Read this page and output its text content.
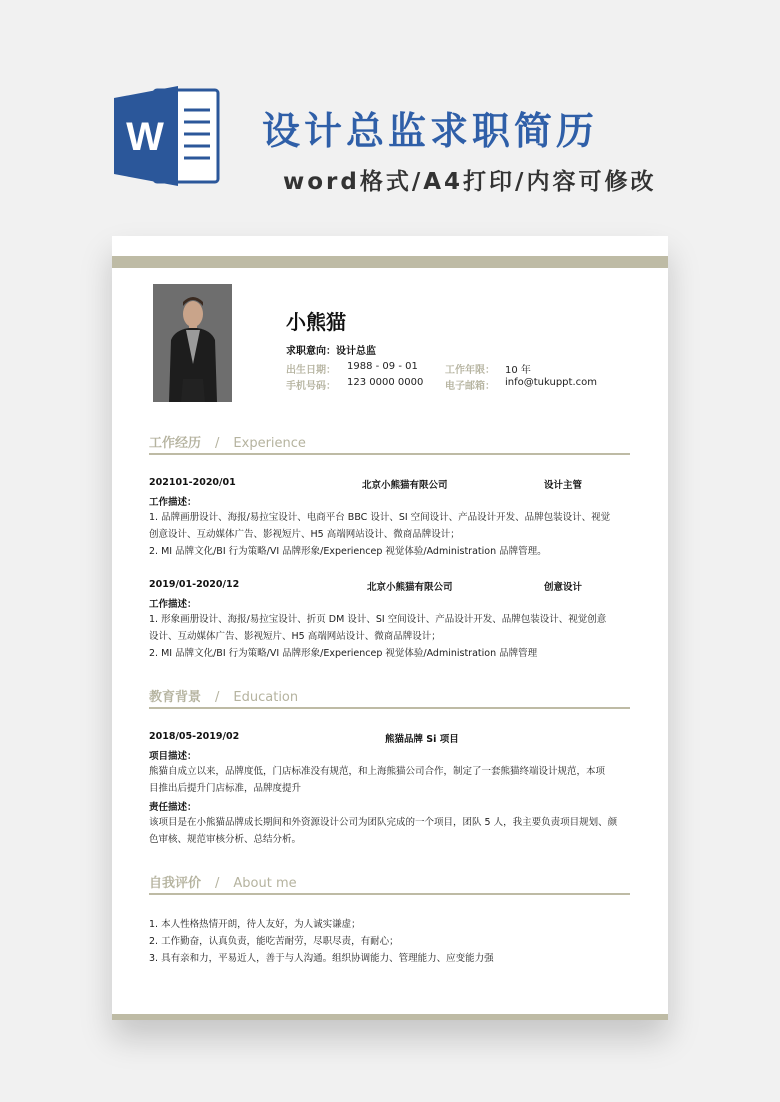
W	设计总监求职简历
word格式/A4打印/内容可修改
小熊猫
求职意向：设计总监
出生日期： 1988 - 09 - 01	工作年限： 10 年
手机号码： 123 0000 0000 电子邮箱： info@tukuppt.com
工作经历 / Experience
202101-2020/01	北京小熊猫有限公司	设计主管
工作描述：
1. 品牌画册设计、海报/易拉宝设计、电商平台 BBC 设计、SI 空间设计、产品设计开发、品牌包装设计、视觉
创意设计、互动媒体广告、影视短片、H5 高端网站设计、微商品牌设计；
2. MI 品牌文化/BI 行为策略/VI 品牌形象/Experiencep 视觉体验/Administration 品牌管理。
2019/01-2020/12	北京小熊猫有限公司	创意设计
工作描述：
1. 形象画册设计、海报/易拉宝设计、折页 DM 设计、SI 空间设计、产品设计开发、品牌包装设计、视觉创意
设计、互动媒体广告、影视短片、H5 高端网站设计、微商品牌设计；
2. MI 品牌文化/BI 行为策略/VI 品牌形象/Experiencep 视觉体验/Administration 品牌管理
教育背景 / Education
2018/05-2019/02	熊猫品牌 Si 项目
项目描述：
熊猫自成立以来，品牌度低，门店标准没有规范，和上海熊猫公司合作，制定了一套熊猫终端设计规范，本项
目推出后提升门店标准，品牌度提升
责任描述：
该项目是在小熊猫品牌成长期间和外资源设计公司为团队完成的一个项目，团队 5 人，我主要负责项目规划、颜
色审核、规范审核分析、总结分析。
自我评价 / About me
1. 本人性格热情开朗，待人友好，为人诚实谦虚；
2. 工作勤奋，认真负责，能吃苦耐劳，尽职尽责，有耐心；
3. 具有亲和力，平易近人，善于与人沟通。组织协调能力、管理能力、应变能力强
